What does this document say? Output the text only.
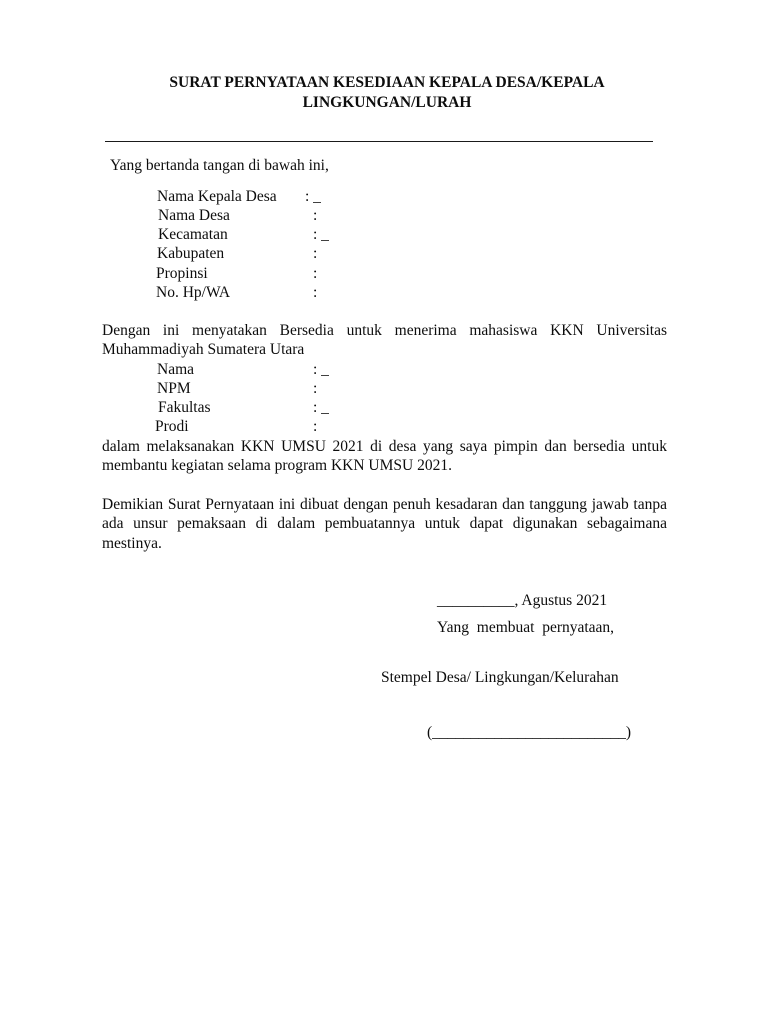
SURAT PERNYATAAN KESEDIAAN KEPALA DESA/KEPALA
LINGKUNGAN/LURAH
Yang bertanda tangan di bawah ini,
Nama Kepala Desa : _
Nama Desa	:
Kecamatan	: _
Kabupaten	:
Propinsi	:
No. Hp/WA	:
Dengan ini menyatakan Bersedia untuk menerima mahasiswa KKN Universitas
Muhammadiyah Sumatera Utara
Nama	: _
NPM	:
Fakultas	: _
Prodi	:
dalam melaksanakan KKN UMSU 2021 di desa yang saya pimpin dan bersedia untuk
membantu kegiatan selama program KKN UMSU 2021.
Demikian Surat Pernyataan ini dibuat dengan penuh kesadaran dan tanggung jawab tanpa
ada unsur pemaksaan di dalam pembuatannya untuk dapat digunakan sebagaimana
mestinya.
__________, Agustus 2021
Yang  membuat  pernyataan,
Stempel Desa/ Lingkungan/Kelurahan
(_________________________)
